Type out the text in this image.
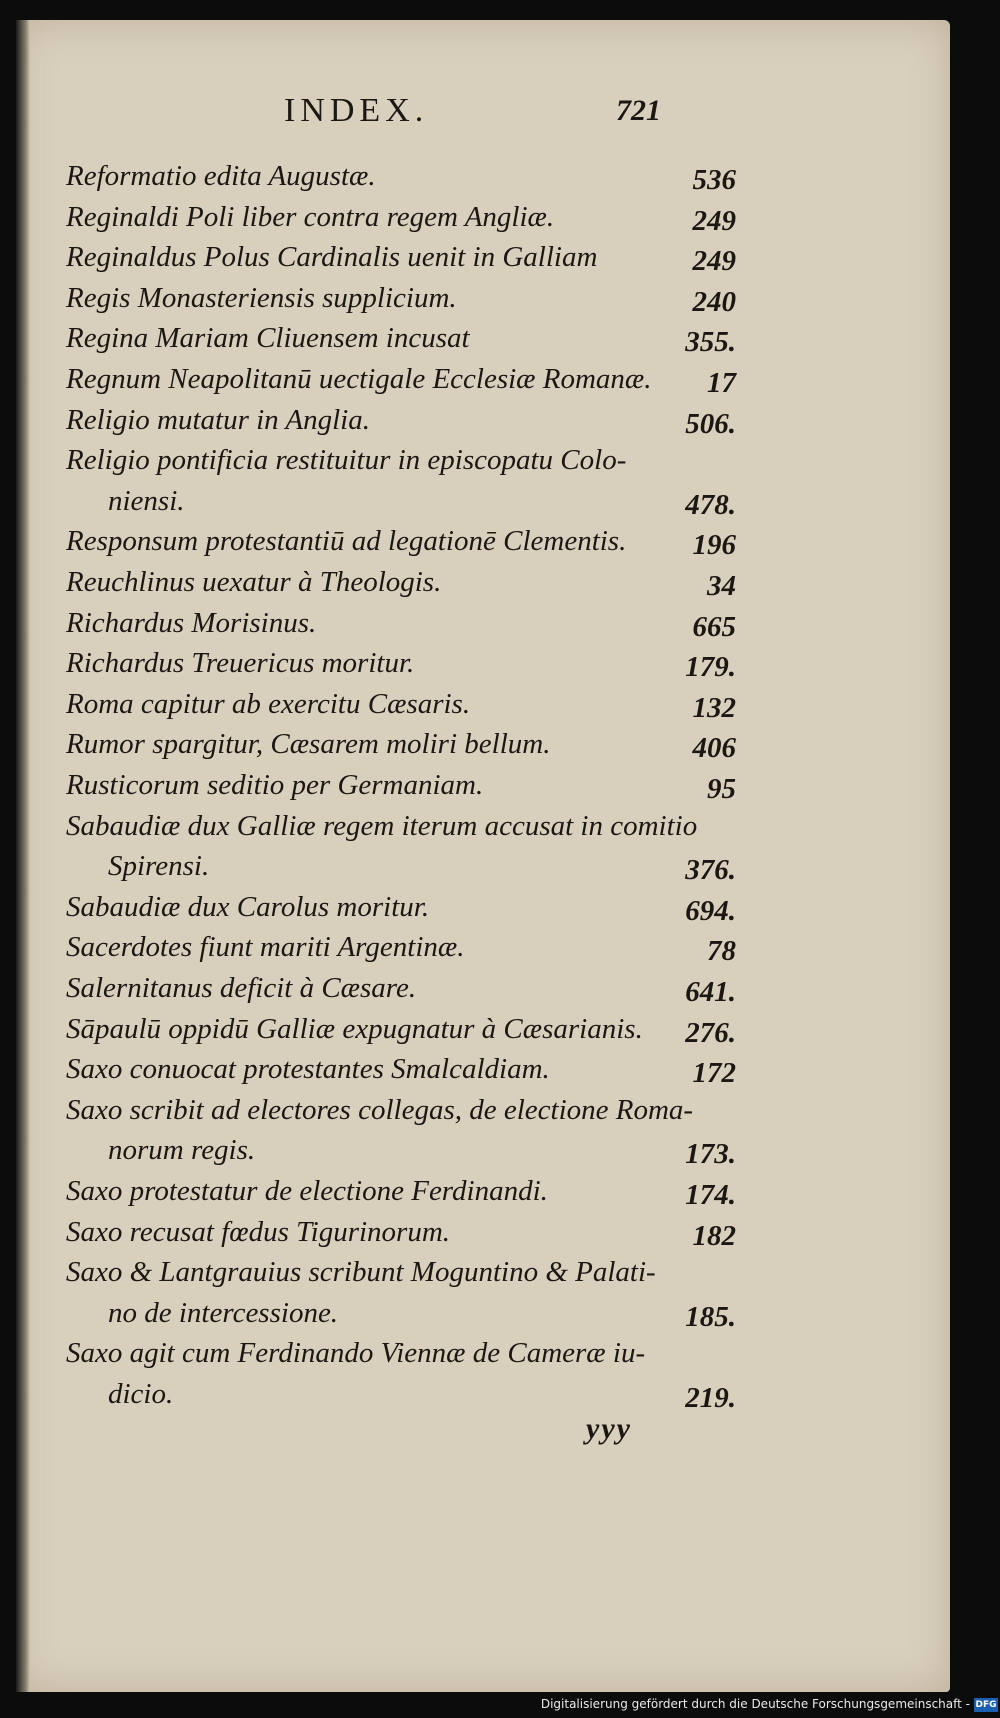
INDEX.	721
Reformatio edita Augustæ.	536
Reginaldi Poli liber contra regem Angliæ.	249
Reginaldus Polus Cardinalis uenit in Galliam	249
Regis Monasteriensis supplicium.	240
Regina Mariam Cliuensem incusat	355.
Regnum Neapolitanū uectigale Ecclesiæ Romanæ. 17
Religio mutatur in Anglia.	506.
Religio pontificia restituitur in episcopatu Colo-
niensi.	478.
Responsum protestantiū ad legationē Clementis. 196
Reuchlinus uexatur à Theologis.	34
Richardus Morisinus.	665
Richardus Treuericus moritur.	179.
Roma capitur ab exercitu Cæsaris.	132
Rumor spargitur, Cæsarem moliri bellum.	406
Rusticorum seditio per Germaniam.	95
Sabaudiæ dux Galliæ regem iterum accusat in comitio
Spirensi.	376.
Sabaudiæ dux Carolus moritur.	694.
Sacerdotes fiunt mariti Argentinæ.	78
Salernitanus deficit à Cæsare.	641.
Sāpaulū oppidū Galliæ expugnatur à Cæsarianis. 276.
Saxo conuocat protestantes Smalcaldiam.	172
Saxo scribit ad electores collegas, de electione Roma-
norum regis.	173.
Saxo protestatur de electione Ferdinandi.	174.
Saxo recusat fœdus Tigurinorum.	182
Saxo & Lantgrauius scribunt Moguntino & Palati-
no de intercessione.	185.
Saxo agit cum Ferdinando Viennæ de Cameræ iu-
dicio.	219.
yyy
Digitalisierung gefördert durch die Deutsche Forschungsgemeinschaft - DFG
